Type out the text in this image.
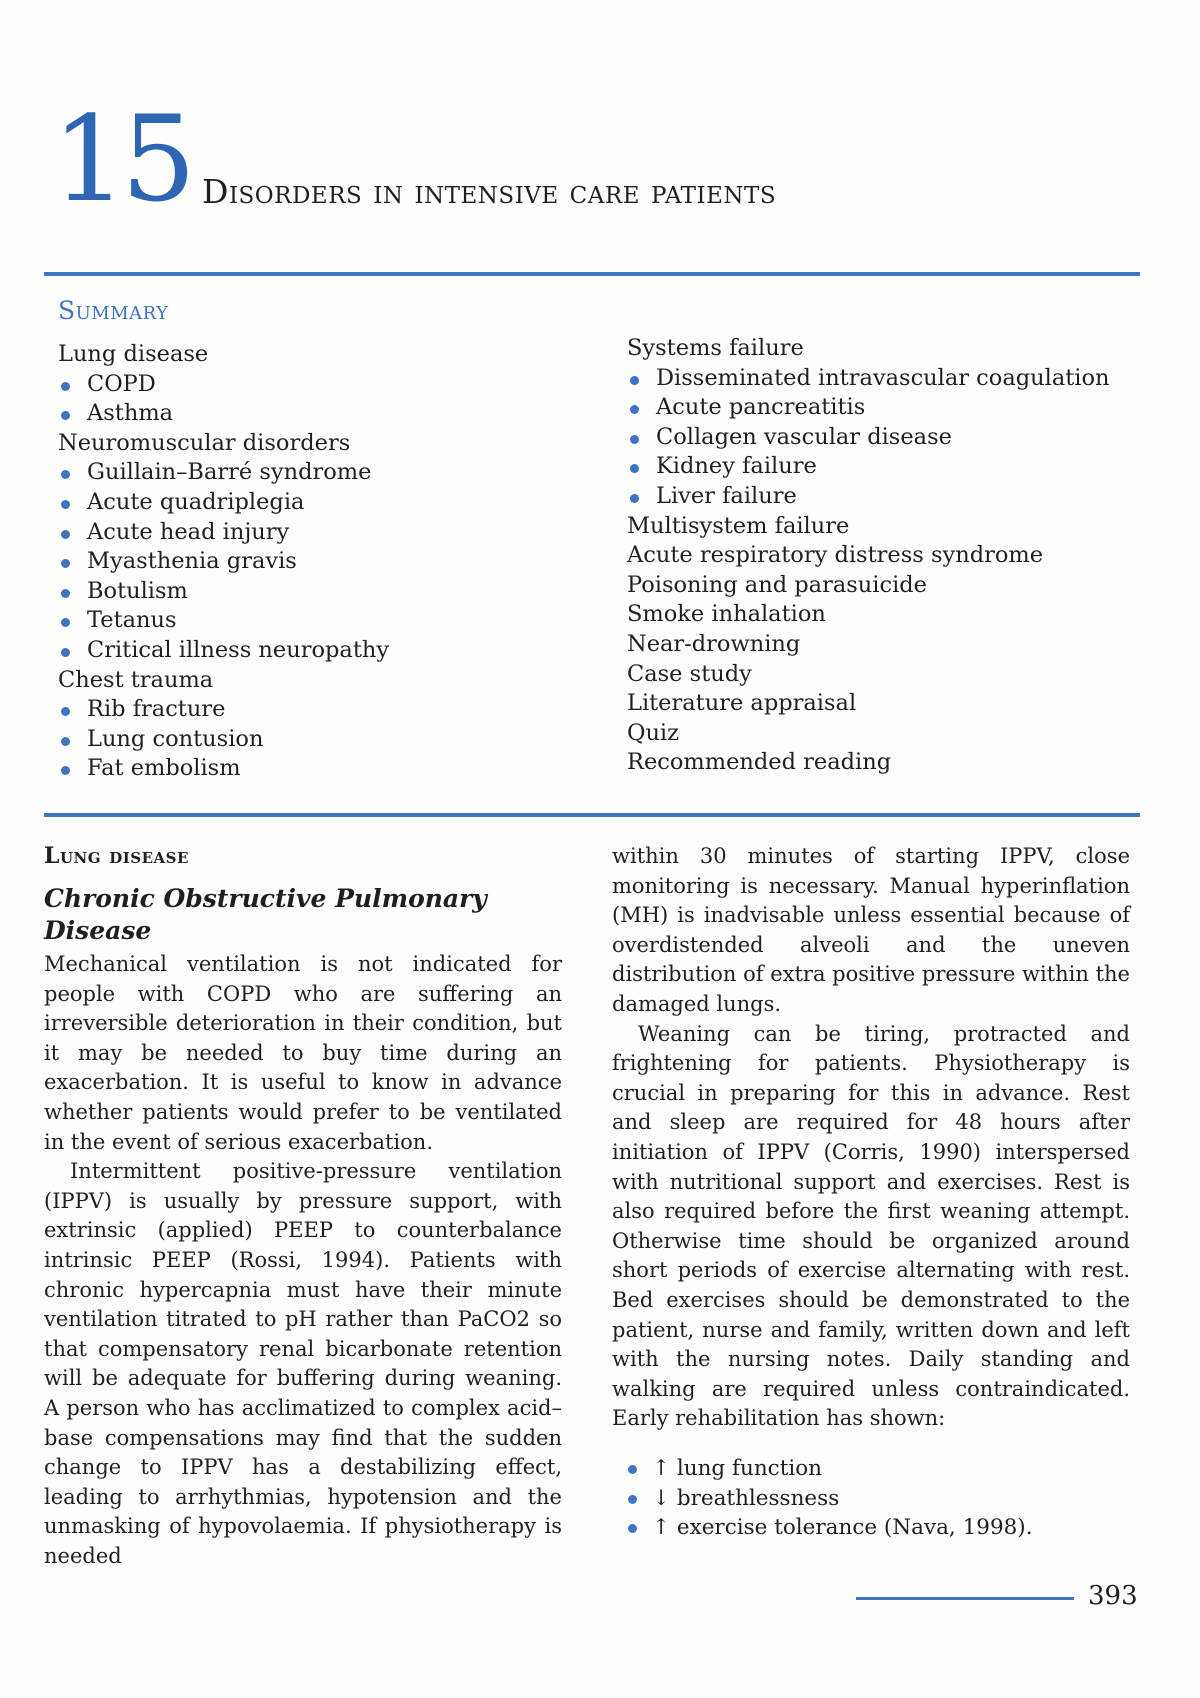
15 Disorders in intensive care patients
Summary
Lung disease
COPD
Asthma
Neuromuscular disorders
Guillain–Barré syndrome
Acute quadriplegia
Acute head injury
Myasthenia gravis
Botulism
Tetanus
Critical illness neuropathy
Chest trauma
Rib fracture
Lung contusion
Fat embolism
Systems failure
Disseminated intravascular coagulation
Acute pancreatitis
Collagen vascular disease
Kidney failure
Liver failure
Multisystem failure
Acute respiratory distress syndrome
Poisoning and parasuicide
Smoke inhalation
Near-drowning
Case study
Literature appraisal
Quiz
Recommended reading
Lung disease
Chronic Obstructive Pulmonary Disease

Mechanical ventilation is not indicated for people with COPD who are suffering an irreversible deterioration in their condition, but it may be needed to buy time during an exacerbation. It is useful to know in advance whether patients would prefer to be ventilated in the event of serious exacerbation.

Intermittent positive-pressure ventilation (IPPV) is usually by pressure support, with extrinsic (applied) PEEP to counterbalance intrinsic PEEP (Rossi, 1994). Patients with chronic hypercapnia must have their minute ventilation titrated to pH rather than PaCO2 so that compensatory renal bicarbonate retention will be adequate for buffering during weaning. A person who has acclimatized to complex acid–base compensations may find that the sudden change to IPPV has a destabilizing effect, leading to arrhythmias, hypotension and the unmasking of hypovolaemia. If physiotherapy is needed

within 30 minutes of starting IPPV, close monitoring is necessary. Manual hyperinflation (MH) is inadvisable unless essential because of overdistended alveoli and the uneven distribution of extra positive pressure within the damaged lungs.

Weaning can be tiring, protracted and frightening for patients. Physiotherapy is crucial in preparing for this in advance. Rest and sleep are required for 48 hours after initiation of IPPV (Corris, 1990) interspersed with nutritional support and exercises. Rest is also required before the first weaning attempt. Otherwise time should be organized around short periods of exercise alternating with rest. Bed exercises should be demonstrated to the patient, nurse and family, written down and left with the nursing notes. Daily standing and walking are required unless contraindicated. Early rehabilitation has shown:

↑ lung function
↓ breathlessness
↑ exercise tolerance (Nava, 1998).
393
